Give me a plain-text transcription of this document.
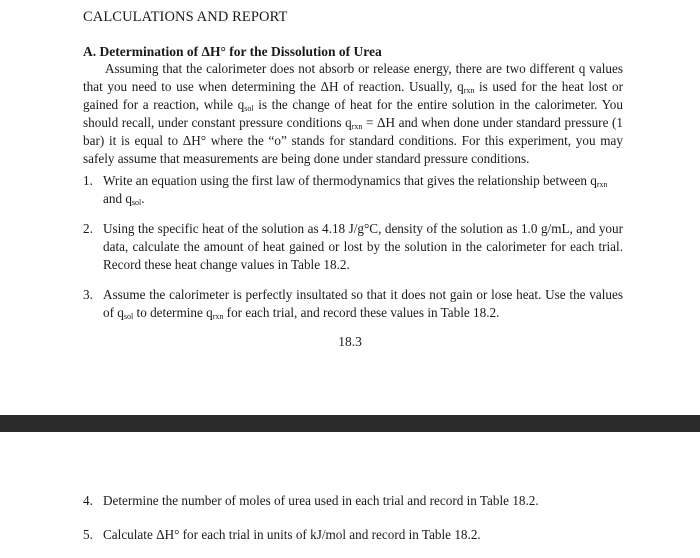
CALCULATIONS AND REPORT
A. Determination of ΔH° for the Dissolution of Urea

Assuming that the calorimeter does not absorb or release energy, there are two different q values that you need to use when determining the ΔH of reaction. Usually, $q_{rxn}$ is used for the heat lost or gained for a reaction, while $q_{sol}$ is the change of heat for the entire solution in the calorimeter. You should recall, under constant pressure conditions $q_{rxn} = \Delta H$ and when done under standard pressure (1 bar) it is equal to ΔH° where the “o” stands for standard conditions. For this experiment, you may safely assume that measurements are being done under standard pressure conditions.

1. Write an equation using the first law of thermodynamics that gives the relationship between $q_{rxn}$
and $q_{sol}$.
2. Using the specific heat of the solution as 4.18 J/g°C, density of the solution as 1.0 g/mL, and your data, calculate the amount of heat gained or lost by the solution in the calorimeter for each trial. Record these heat change values in Table 18.2.
3. Assume the calorimeter is perfectly insultated so that it does not gain or lose heat. Use the values of $q_{sol}$ to determine $q_{rxn}$ for each trial, and record these values in Table 18.2.
18.3
4. Determine the number of moles of urea used in each trial and record in Table 18.2.
5. Calculate ΔH° for each trial in units of kJ/mol and record in Table 18.2.
